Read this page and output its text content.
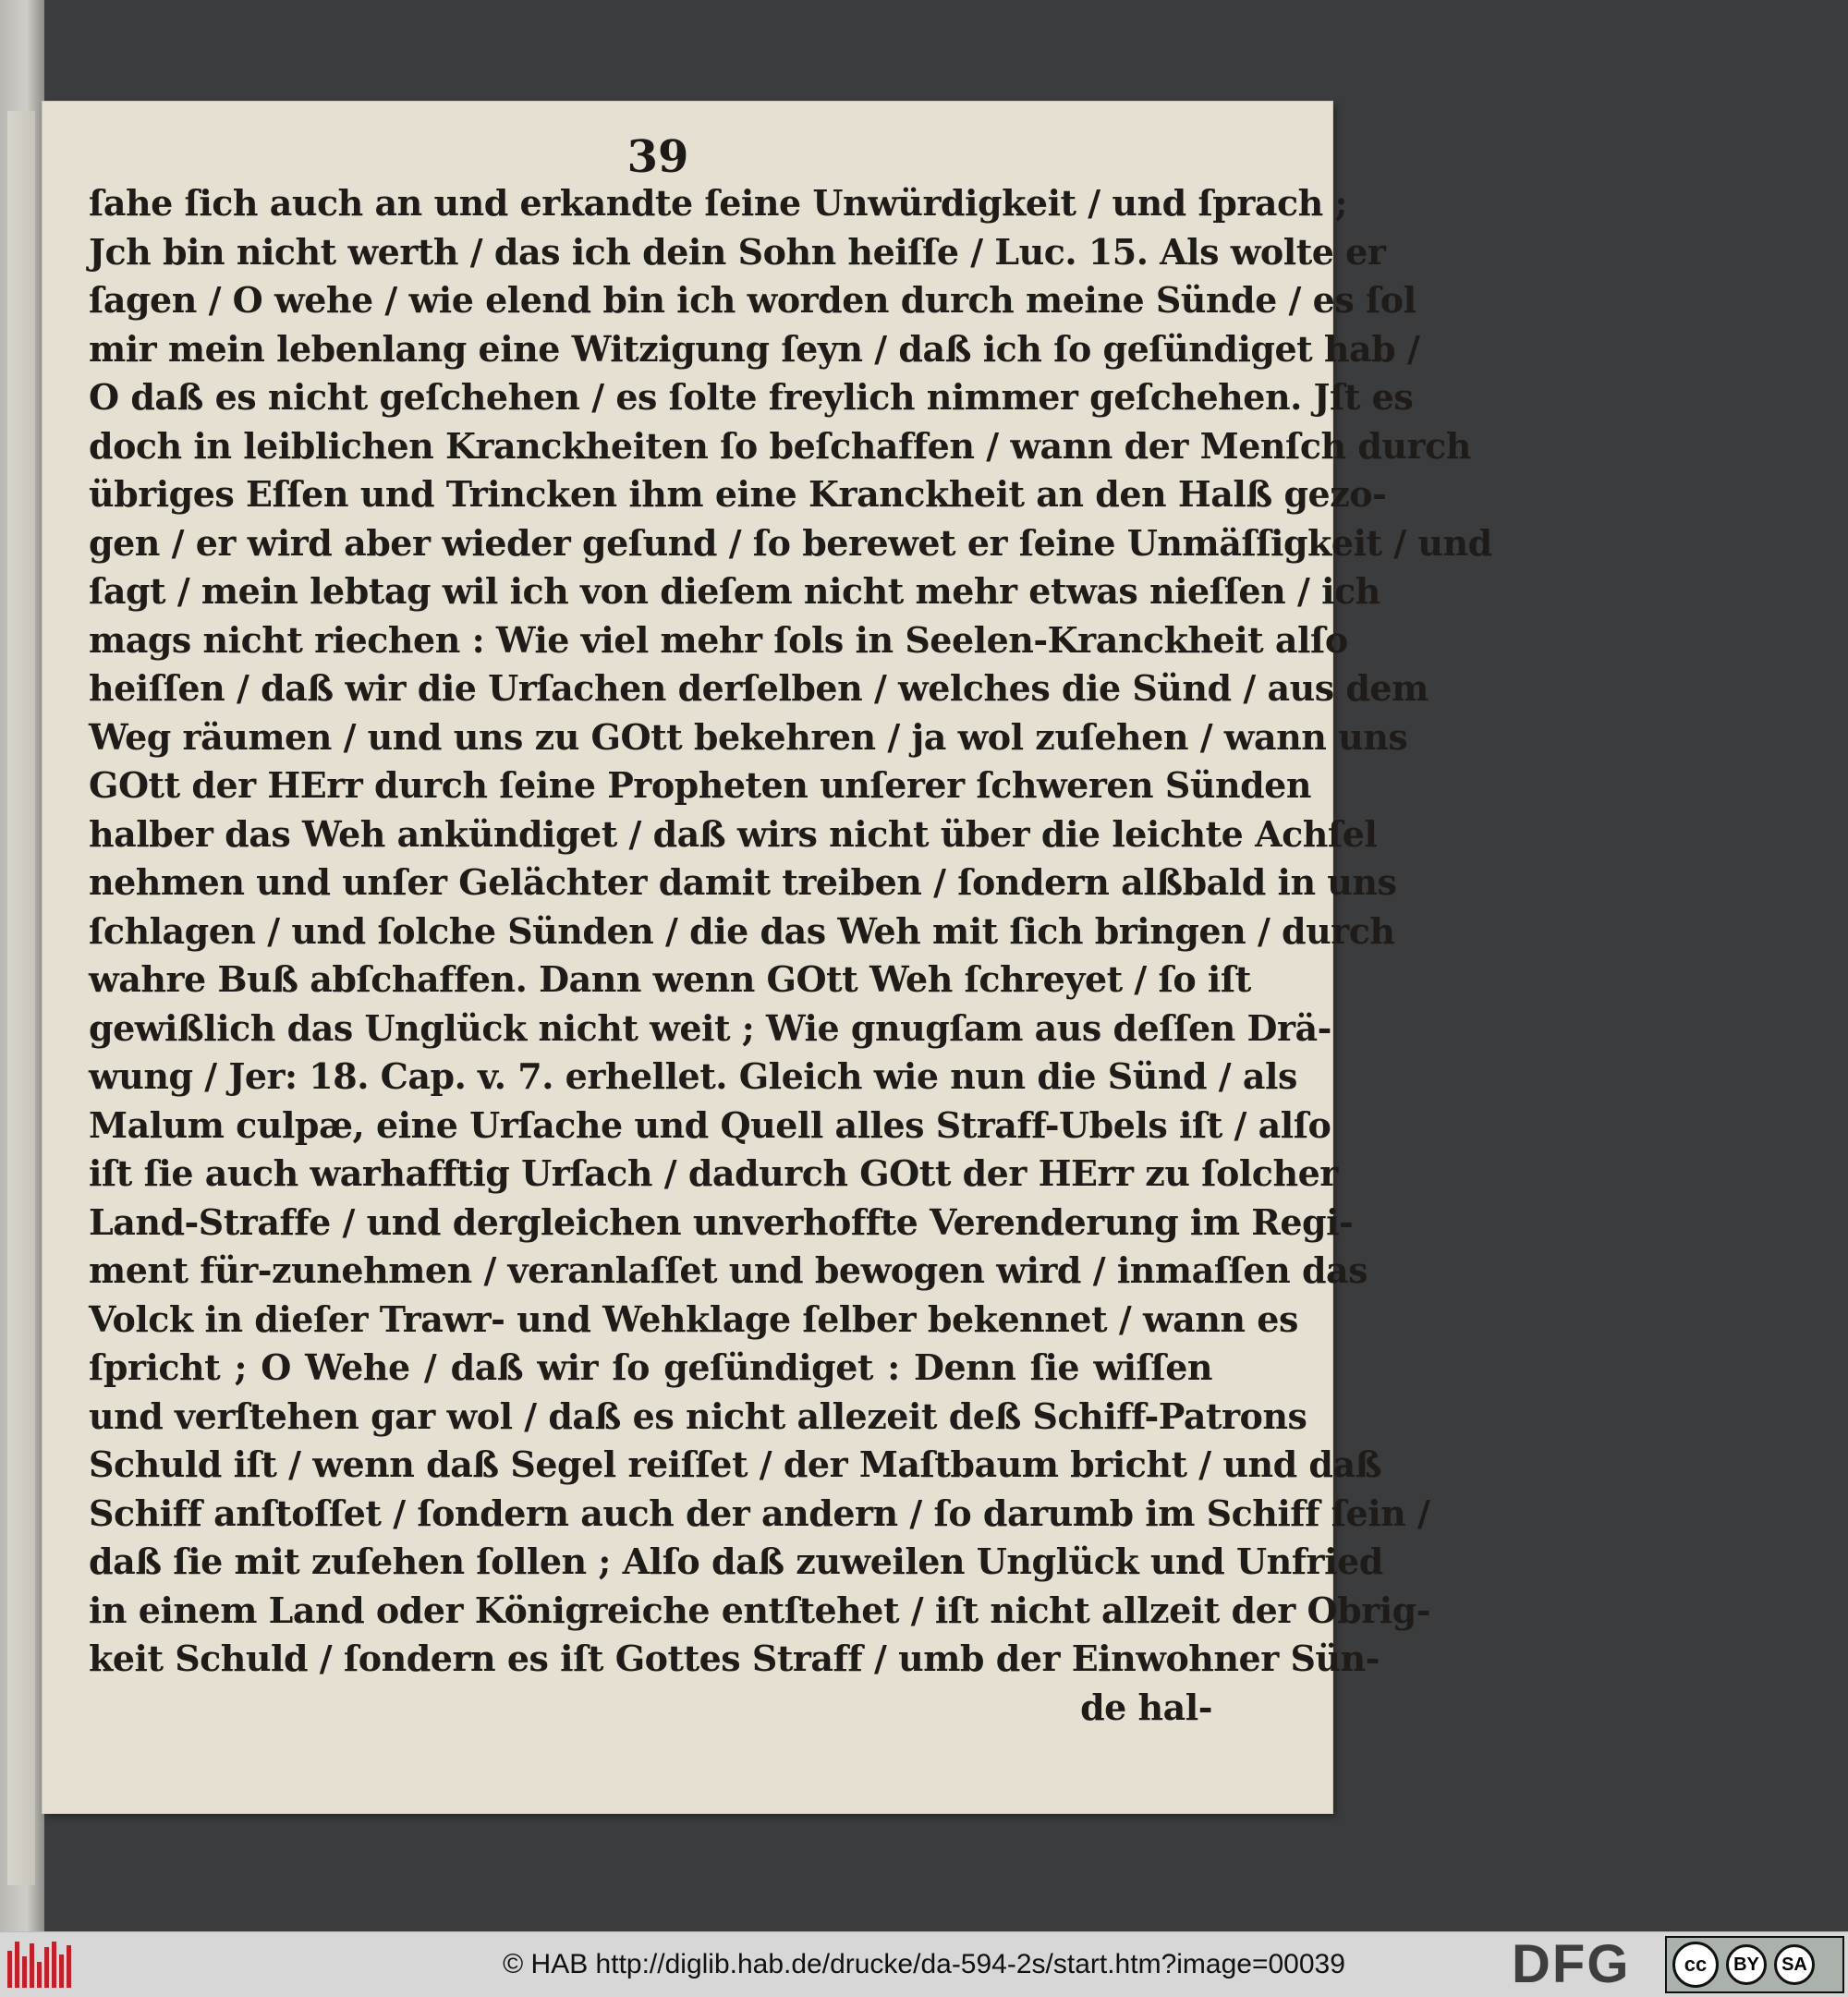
39
ſahe ſich auch an und erkandte ſeine Unwürdigkeit / und ſprach ;
Jch bin nicht werth / das ich dein Sohn heiſſe / Luc. 15. Als wolte er
ſagen / O wehe / wie elend bin ich worden durch meine Sünde / es ſol
mir mein lebenlang eine Witzigung ſeyn / daß ich ſo geſündiget hab /
O daß es nicht geſchehen / es ſolte freylich nimmer geſchehen. Jſt es
doch in leiblichen Kranckheiten ſo beſchaffen / wann der Menſch durch
übriges Eſſen und Trincken ihm eine Kranckheit an den Halß gezo-
gen / er wird aber wieder geſund / ſo berewet er ſeine Unmäſſigkeit / und
ſagt / mein lebtag wil ich von dieſem nicht mehr etwas nieſſen / ich
mags nicht riechen : Wie viel mehr ſols in Seelen-Kranckheit alſo
heiſſen / daß wir die Urſachen derſelben / welches die Sünd / aus dem
Weg räumen / und uns zu GOtt bekehren / ja wol zuſehen / wann uns
GOtt der HErr durch ſeine Propheten unſerer ſchweren Sünden
halber das Weh ankündiget / daß wirs nicht über die leichte Achſel
nehmen und unſer Gelächter damit treiben / ſondern alßbald in uns
ſchlagen / und ſolche Sünden / die das Weh mit ſich bringen / durch
wahre Buß abſchaffen. Dann wenn GOtt Weh ſchreyet / ſo iſt
gewißlich das Unglück nicht weit ; Wie gnugſam aus deſſen Drä-
wung / Jer: 18. Cap. v. 7. erhellet. Gleich wie nun die Sünd / als
Malum culpæ, eine Urſache und Quell alles Straff-Ubels iſt / alſo
iſt ſie auch warhafftig Urſach / dadurch GOtt der HErr zu ſolcher
Land-Straffe / und dergleichen unverhoffte Verenderung im Regi-
ment für-zunehmen / veranlaſſet und bewogen wird / inmaſſen das
Volck in dieſer Trawr- und Wehklage ſelber bekennet / wann es
ſpricht ; O Wehe / daß wir ſo geſündiget : Denn ſie wiſſen
und verſtehen gar wol / daß es nicht allezeit deß Schiff-Patrons
Schuld iſt / wenn daß Segel reiſſet / der Maſtbaum bricht / und daß
Schiff anſtoſſet / ſondern auch der andern / ſo darumb im Schiff ſein /
daß ſie mit zuſehen ſollen ; Alſo daß zuweilen Unglück und Unfried
in einem Land oder Königreiche entſtehet / iſt nicht allzeit der Obrig-
keit Schuld / ſondern es iſt Gottes Straff / umb der Einwohner Sün-
de hal-
© HAB http://diglib.hab.de/drucke/da-594-2s/start.htm?image=00039	DFG	cc	BY	SA
